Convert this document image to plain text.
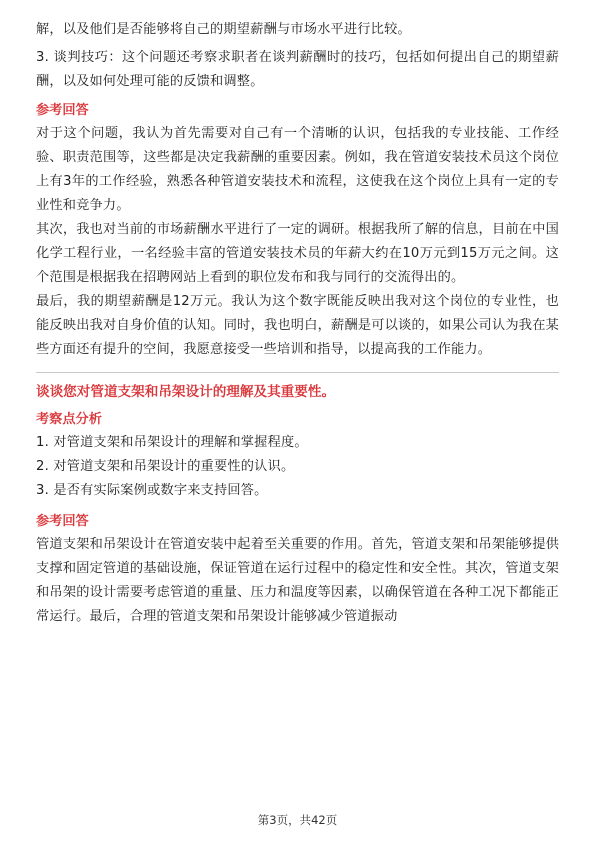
解，以及他们是否能够将自己的期望薪酬与市场水平进行比较。

3. 谈判技巧：这个问题还考察求职者在谈判薪酬时的技巧，包括如何提出自己的期望薪酬，以及如何处理可能的反馈和调整。

参考回答

对于这个问题，我认为首先需要对自己有一个清晰的认识，包括我的专业技能、工作经验、职责范围等，这些都是决定我薪酬的重要因素。例如，我在管道安装技术员这个岗位上有3年的工作经验，熟悉各种管道安装技术和流程，这使我在这个岗位上具有一定的专业性和竞争力。

其次，我也对当前的市场薪酬水平进行了一定的调研。根据我所了解的信息，目前在中国化学工程行业，一名经验丰富的管道安装技术员的年薪大约在10万元到15万元之间。这个范围是根据我在招聘网站上看到的职位发布和我与同行的交流得出的。

最后，我的期望薪酬是12万元。我认为这个数字既能反映出我对这个岗位的专业性，也能反映出我对自身价值的认知。同时，我也明白，薪酬是可以谈的，如果公司认为我在某些方面还有提升的空间，我愿意接受一些培训和指导，以提高我的工作能力。

谈谈您对管道支架和吊架设计的理解及其重要性。

考察点分析

1. 对管道支架和吊架设计的理解和掌握程度。

2. 对管道支架和吊架设计的重要性的认识。

3. 是否有实际案例或数字来支持回答。

参考回答

管道支架和吊架设计在管道安装中起着至关重要的作用。首先，管道支架和吊架能够提供支撑和固定管道的基础设施，保证管道在运行过程中的稳定性和安全性。其次，管道支架和吊架的设计需要考虑管道的重量、压力和温度等因素，以确保管道在各种工况下都能正常运行。最后，合理的管道支架和吊架设计能够减少管道振动

第3页，共42页
